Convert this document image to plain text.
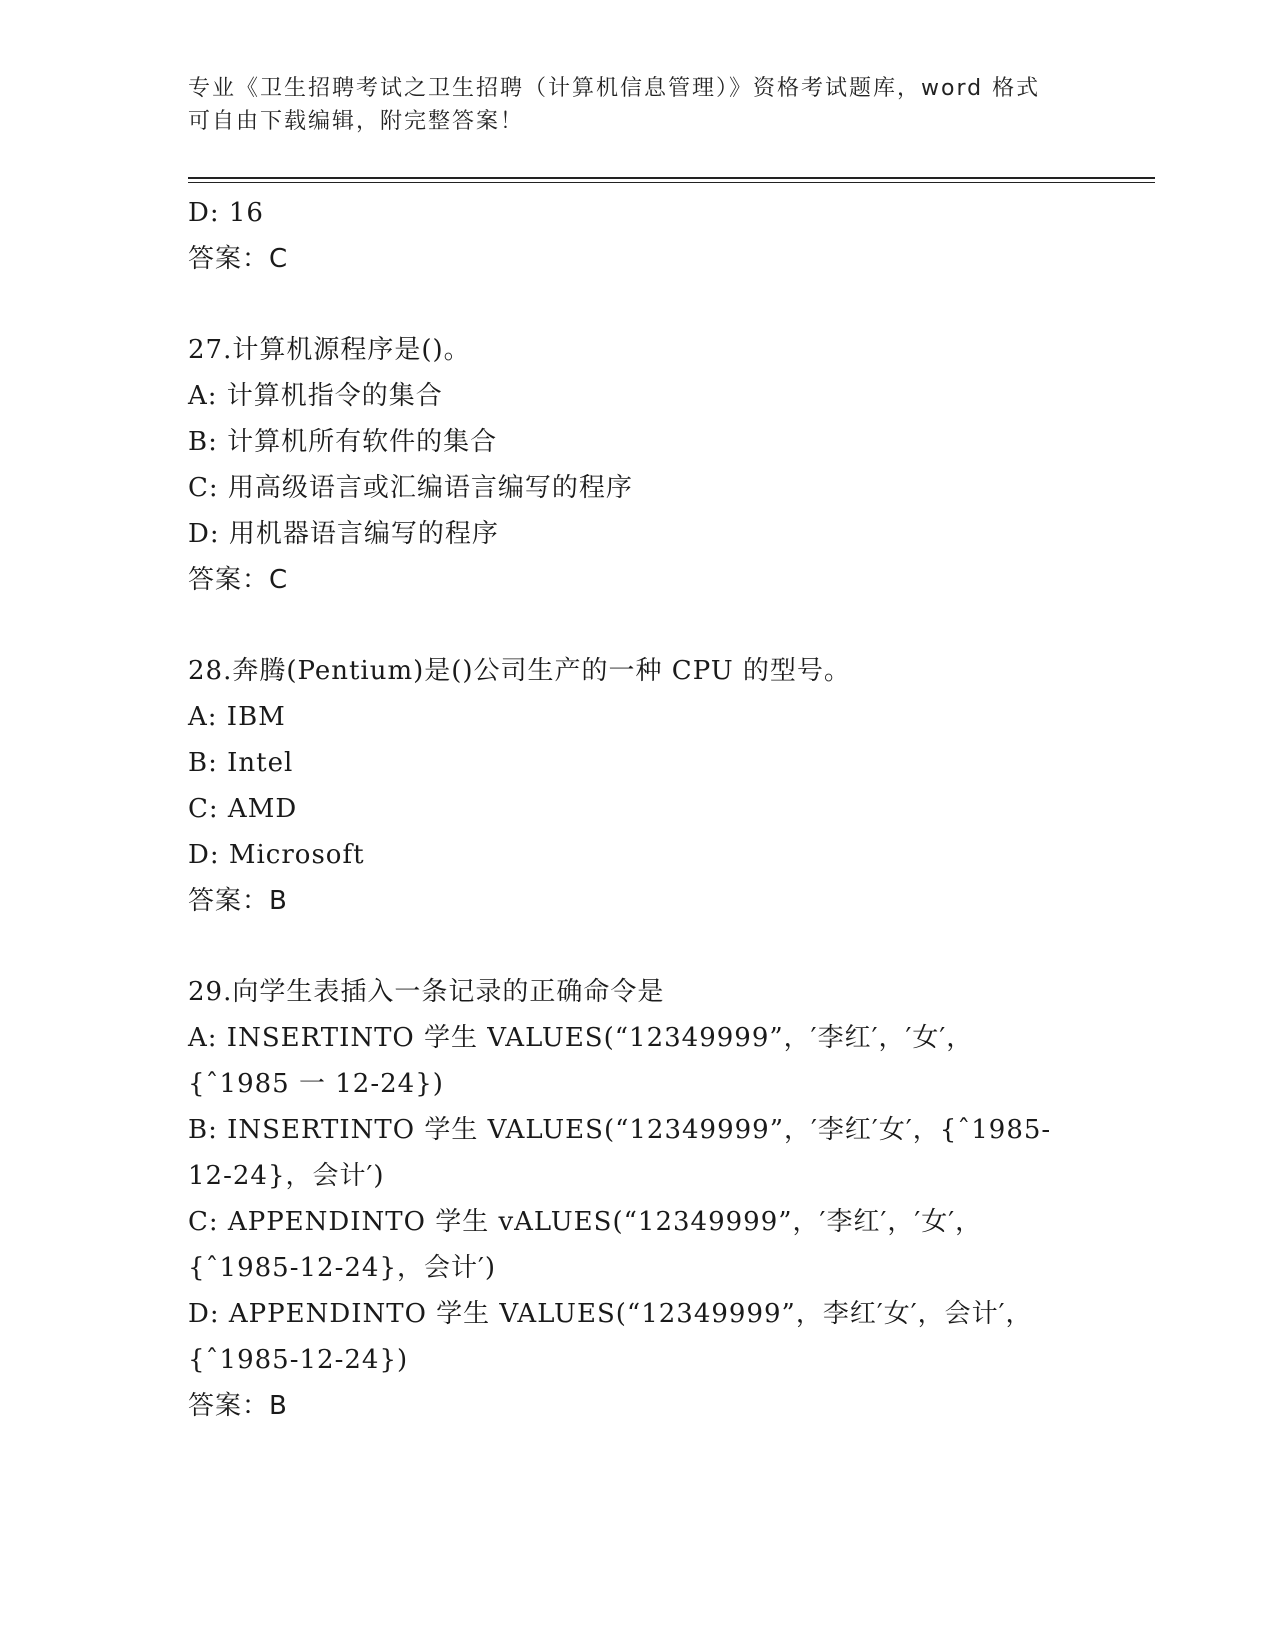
专业《卫生招聘考试之卫生招聘（计算机信息管理）》资格考试题库，word 格式
可自由下载编辑，附完整答案！
D: 16
答案：C
27.计算机源程序是()。
A: 计算机指令的集合
B: 计算机所有软件的集合
C: 用高级语言或汇编语言编写的程序
D: 用机器语言编写的程序
答案：C
28.奔腾(Pentium)是()公司生产的一种 CPU 的型号。
A: IBM
B: Intel
C: AMD
D: Microsoft
答案：B
29.向学生表插入一条记录的正确命令是
A: INSERTINTO 学生 VALUES(“12349999”，′李红′，′女′，
{ˆ1985 一 12-24})
B: INSERTINTO 学生 VALUES(“12349999”，′李红′女′，{ˆ1985-
12-24}，会计′)
C: APPENDINTO 学生 vALUES(“12349999”，′李红′，′女′，
{ˆ1985-12-24}，会计′)
D: APPENDINTO 学生 VALUES(“12349999”，李红′女′，会计′，
{ˆ1985-12-24})
答案：B
